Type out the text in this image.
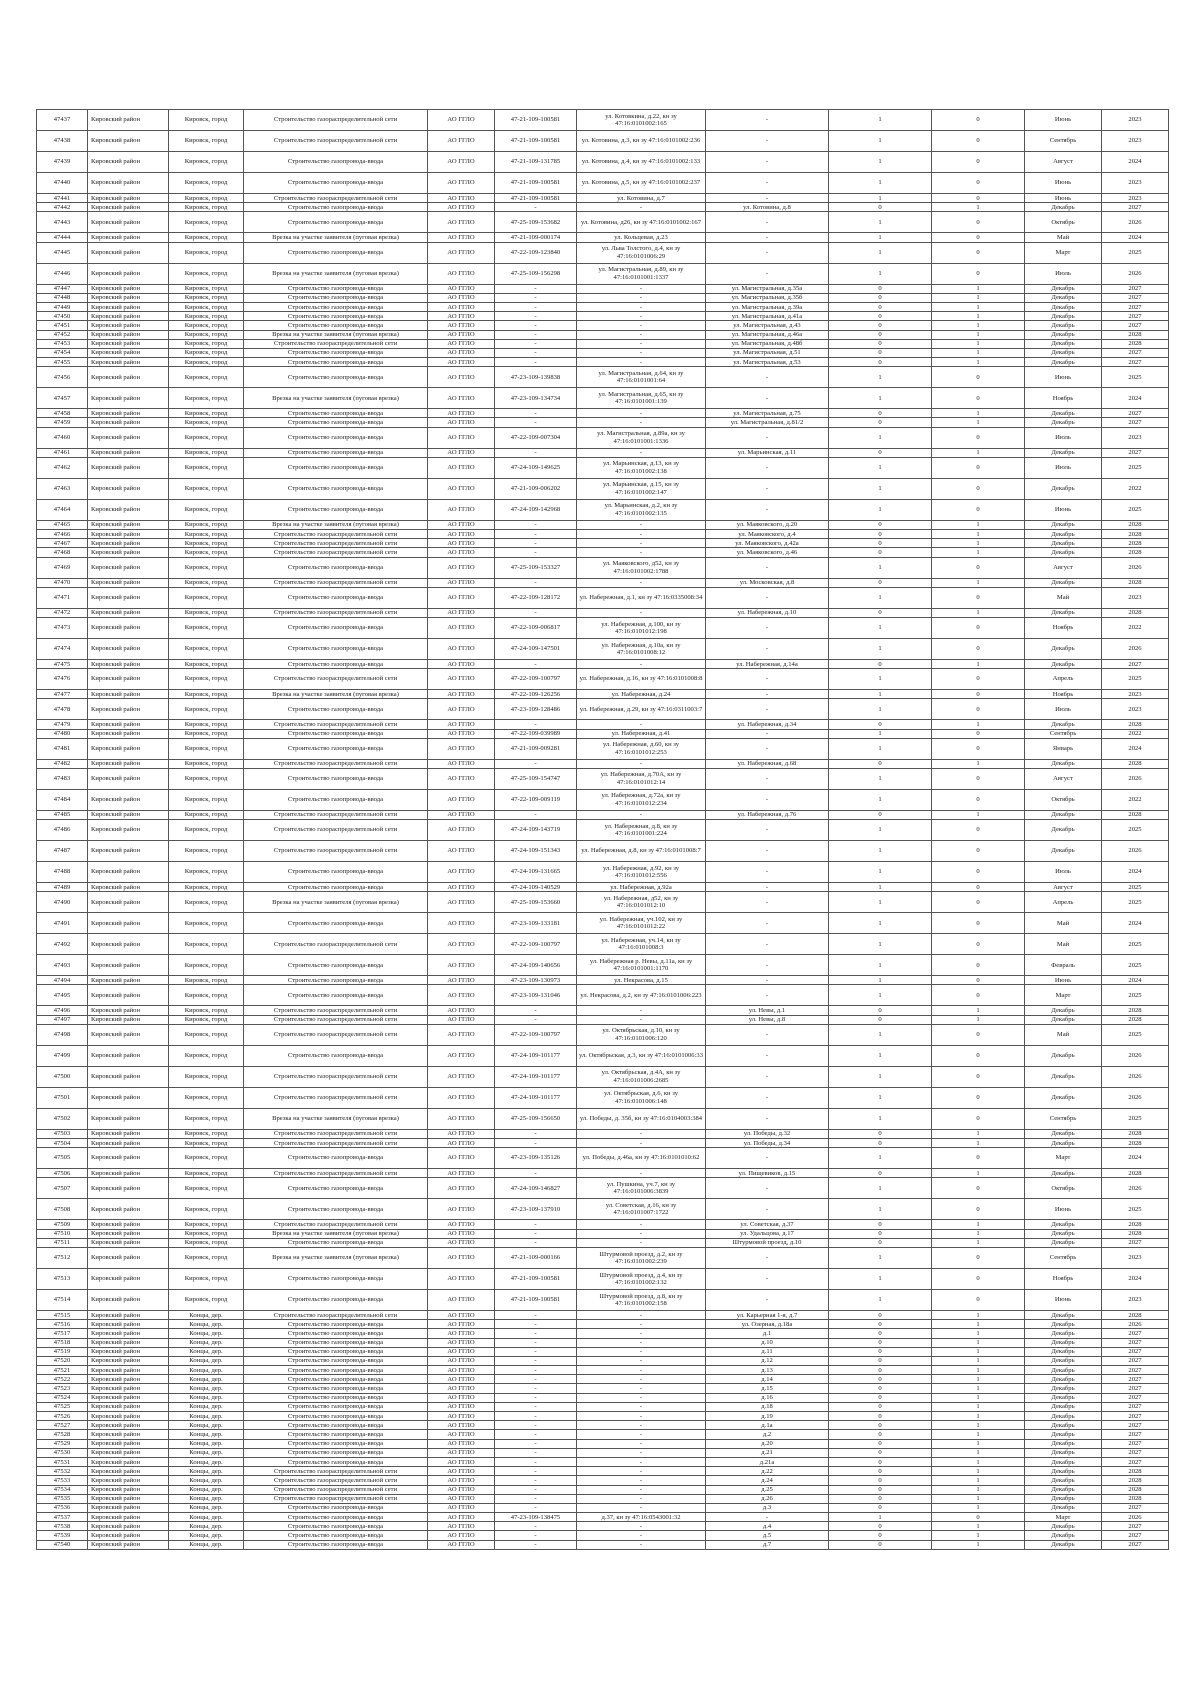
47437	Кировский район	Кировск, город	Строительство газораспределительной сети	АО ГГЛО	47-21-109-100581	ул. Котовкина, д.22, кн зу 47:16:0101002:165	-	1	0	Июнь	2023
47438	Кировский район	Кировск, город	Строительство газораспределительной сети	АО ГГЛО	47-21-109-100581	ул. Котовина, д.3, кн зу 47:16:0101002:236	-	1	0	Сентябрь	2023
47439	Кировский район	Кировск, город	Строительство газопровода-ввода	АО ГГЛО	47-21-109-131785	ул. Котовина, д.4, кн зу 47:16:0101002:133	-	1	0	Август	2024
47440	Кировский район	Кировск, город	Строительство газопровода-ввода	АО ГГЛО	47-21-109-100581	ул. Котовина, д.5, кн зу 47:16:0101002:237	-	1	0	Июнь	2023
47441	Кировский район	Кировск, город	Строительство газораспределительной сети	АО ГГЛО	47-21-109-100581	ул. Котовина, д.7	-	1	0	Июнь	2023
47442	Кировский район	Кировск, город	Строительство газопровода-ввода	АО ГГЛО	-	-	ул. Котовина, д.8	0	1	Декабрь	2027
47443	Кировский район	Кировск, город	Строительство газопровода-ввода	АО ГГЛО	47-25-109-153682	ул. Котовина, д26, кн зу 47:16:0101002:167	-	1	0	Октябрь	2026
47444	Кировский район	Кировск, город	Врезка на участке заявителя (пуговая врезка)	АО ГГЛО	47-21-109-000174	ул. Кольцевая, д.23	-	1	0	Май	2024
47445	Кировский район	Кировск, город	Строительство газопровода-ввода	АО ГГЛО	47-22-109-123840	ул. Льва Толстого, д.4, кн зу 47:16:0101006:29	-	1	0	Март	2025
47446	Кировский район	Кировск, город	Врезка на участке заявителя (пуговая врезка)	АО ГГЛО	47-25-109-156298	ул. Магистральная, д.89, кн зу 47:16:0101001:1337	-	1	0	Июль	2026
47447	Кировский район	Кировск, город	Строительство газопровода-ввода	АО ГГЛО	-	-	ул. Магистральная, д.35а	0	1	Декабрь	2027
47448	Кировский район	Кировск, город	Строительство газопровода-ввода	АО ГГЛО	-	-	ул. Магистральная, д.35б	0	1	Декабрь	2027
47449	Кировский район	Кировск, город	Строительство газопровода-ввода	АО ГГЛО	-	-	ул. Магистральная, д.39а	0	1	Декабрь	2027
47450	Кировский район	Кировск, город	Строительство газопровода-ввода	АО ГГЛО	-	-	ул. Магистральная, д.41а	0	1	Декабрь	2027
47451	Кировский район	Кировск, город	Строительство газопровода-ввода	АО ГГЛО	-	-	ул. Магистральная, д.43	0	1	Декабрь	2027
47452	Кировский район	Кировск, город	Врезка на участке заявителя (пуговая врезка)	АО ГГЛО	-	-	ул. Магистральная, д.46а	0	1	Декабрь	2028
47453	Кировский район	Кировск, город	Строительство газораспределительной сети	АО ГГЛО	-	-	ул. Магистральная, д.48б	0	1	Декабрь	2028
47454	Кировский район	Кировск, город	Строительство газопровода-ввода	АО ГГЛО	-	-	ул. Магистральная, д.51	0	1	Декабрь	2027
47455	Кировский район	Кировск, город	Строительство газопровода-ввода	АО ГГЛО	-	-	ул. Магистральная, д.53	0	1	Декабрь	2027
47456	Кировский район	Кировск, город	Строительство газопровода-ввода	АО ГГЛО	47-23-109-139838	ул. Магистральная, д.64, кн зу 47:16:0101001:64	-	1	0	Июнь	2025
47457	Кировский район	Кировск, город	Врезка на участке заявителя (пуговая врезка)	АО ГГЛО	47-23-109-134734	ул. Магистральная, д.65, кн зу 47:16:0101001:139	-	1	0	Ноябрь	2024
47458	Кировский район	Кировск, город	Строительство газопровода-ввода	АО ГГЛО	-	-	ул. Магистральная, д.75	0	1	Декабрь	2027
47459	Кировский район	Кировск, город	Строительство газопровода-ввода	АО ГГЛО	-	-	ул. Магистральная, д.81/2	0	1	Декабрь	2027
47460	Кировский район	Кировск, город	Строительство газопровода-ввода	АО ГГЛО	47-22-109-007304	ул. Магистральная, д.89а, кн зу 47:16:0101001:1336	-	1	0	Июль	2023
47461	Кировский район	Кировск, город	Строительство газопровода-ввода	АО ГГЛО	-	-	ул. Марьинская, д.11	0	1	Декабрь	2027
47462	Кировский район	Кировск, город	Строительство газопровода-ввода	АО ГГЛО	47-24-109-149625	ул. Марьинская, д.13, кн зу 47:16:0101002:138	-	1	0	Июль	2025
47463	Кировский район	Кировск, город	Строительство газопровода-ввода	АО ГГЛО	47-21-109-006202	ул. Марьинская, д.15, кн зу 47:16:0101002:147	-	1	0	Декабрь	2022
47464	Кировский район	Кировск, город	Строительство газопровода-ввода	АО ГГЛО	47-24-109-142968	ул. Марьинская, д.2, кн зу 47:16:0101002:135	-	1	0	Июнь	2025
47465	Кировский район	Кировск, город	Врезка на участке заявителя (пуговая врезка)	АО ГГЛО	-	-	ул. Маяковского, д.20	0	1	Декабрь	2028
47466	Кировский район	Кировск, город	Строительство газораспределительной сети	АО ГГЛО	-	-	ул. Маяковского, д.4	0	1	Декабрь	2028
47467	Кировский район	Кировск, город	Строительство газораспределительной сети	АО ГГЛО	-	-	ул. Маяковского, д.42а	0	1	Декабрь	2028
47468	Кировский район	Кировск, город	Строительство газораспределительной сети	АО ГГЛО	-	-	ул. Маяковского, д.46	0	1	Декабрь	2028
47469	Кировский район	Кировск, город	Строительство газопровода-ввода	АО ГГЛО	47-25-109-153327	ул. Маяковского, д52, кн зу 47:16:0101002:1788	-	1	0	Август	2026
47470	Кировский район	Кировск, город	Строительство газораспределительной сети	АО ГГЛО	-	-	ул. Московская, д.8	0	1	Декабрь	2028
47471	Кировский район	Кировск, город	Строительство газопровода-ввода	АО ГГЛО	47-22-109-128172	ул. Набережная, д.1, кн зу 47:16:0335008:34	-	1	0	Май	2023
47472	Кировский район	Кировск, город	Строительство газораспределительной сети	АО ГГЛО	-	-	ул. Набережная, д.10	0	1	Декабрь	2028
47473	Кировский район	Кировск, город	Строительство газопровода-ввода	АО ГГЛО	47-22-109-006817	ул. Набережная, д.100, кн зу 47:16:0101012:198	-	1	0	Ноябрь	2022
47474	Кировский район	Кировск, город	Строительство газопровода-ввода	АО ГГЛО	47-24-109-147501	ул. Набережная, д.10а, кн зу 47:16:0101008:12	-	1	0	Декабрь	2026
47475	Кировский район	Кировск, город	Строительство газопровода-ввода	АО ГГЛО	-	-	ул. Набережная, д.14а	0	1	Декабрь	2027
47476	Кировский район	Кировск, город	Строительство газораспределительной сети	АО ГГЛО	47-22-109-100797	ул. Набережная, д.16, кн зу 47:16:0101008:8	-	1	0	Апрель	2025
47477	Кировский район	Кировск, город	Врезка на участке заявителя (пуговая врезка)	АО ГГЛО	47-22-109-126256	ул. Набережная, д.24	-	1	0	Ноябрь	2023
47478	Кировский район	Кировск, город	Строительство газопровода-ввода	АО ГГЛО	47-23-109-128486	ул. Набережная, д.29, кн зу 47:16:0311003:7	-	1	0	Июль	2023
47479	Кировский район	Кировск, город	Строительство газораспределительной сети	АО ГГЛО	-	-	ул. Набережная, д.34	0	1	Декабрь	2028
47480	Кировский район	Кировск, город	Строительство газопровода-ввода	АО ГГЛО	47-22-109-039989	ул. Набережная, д.41	-	1	0	Сентябрь	2022
47481	Кировский район	Кировск, город	Строительство газопровода-ввода	АО ГГЛО	47-21-109-009281	ул. Набережная, д.60, кн зу 47:16:0101012:253	-	1	0	Январь	2024
47482	Кировский район	Кировск, город	Строительство газораспределительной сети	АО ГГЛО	-	-	ул. Набережная, д.68	0	1	Декабрь	2028
47483	Кировский район	Кировск, город	Строительство газопровода-ввода	АО ГГЛО	47-25-109-154747	ул. Набережная, д.70А, кн зу 47:16:0101012:14	-	1	0	Август	2026
47484	Кировский район	Кировск, город	Строительство газопровода-ввода	АО ГГЛО	47-22-109-009119	ул. Набережная, д.72а, кн зу 47:16:0101012:234	-	1	0	Октябрь	2022
47485	Кировский район	Кировск, город	Строительство газораспределительной сети	АО ГГЛО	-	-	ул. Набережная, д.76	0	1	Декабрь	2028
47486	Кировский район	Кировск, город	Строительство газораспределительной сети	АО ГГЛО	47-24-109-143719	ул. Набережная, д.8, кн зу 47:16:0101001:224	-	1	0	Декабрь	2025
47487	Кировский район	Кировск, город	Строительство газораспределительной сети	АО ГГЛО	47-24-109-151343	ул. Набережная, д.8, кн зу 47:16:0101008:7	-	1	0	Декабрь	2026
47488	Кировский район	Кировск, город	Строительство газопровода-ввода	АО ГГЛО	47-24-109-131665	ул. Набережная, д.92, кн зу 47:16:0101012:556	-	1	0	Июль	2024
47489	Кировский район	Кировск, город	Строительство газопровода-ввода	АО ГГЛО	47-24-109-140529	ул. Набережная, д.92а	-	1	0	Август	2025
47490	Кировский район	Кировск, город	Врезка на участке заявителя (пуговая врезка)	АО ГГЛО	47-25-109-153660	ул. Набережная, д52, кн зу 47:16:0101012:10	-	1	0	Апрель	2025
47491	Кировский район	Кировск, город	Строительство газопровода-ввода	АО ГГЛО	47-23-109-133181	ул. Набережная, уч.102, кн зу 47:16:0101012:22	-	1	0	Май	2024
47492	Кировский район	Кировск, город	Строительство газораспределительной сети	АО ГГЛО	47-22-109-100797	ул. Набережная, уч.14, кн зу 47:16:0101008:3	-	1	0	Май	2025
47493	Кировский район	Кировск, город	Строительство газопровода-ввода	АО ГГЛО	47-24-109-140656	ул. Набережная р. Невы, д.11а, кн зу 47:16:0101001:1170	-	1	0	Февраль	2025
47494	Кировский район	Кировск, город	Строительство газопровода-ввода	АО ГГЛО	47-23-109-130973	ул. Некрасова, д.15	-	1	0	Июнь	2024
47495	Кировский район	Кировск, город	Строительство газопровода-ввода	АО ГГЛО	47-23-109-131046	ул. Некрасова, д.2, кн зу 47:16:0101006:223	-	1	0	Март	2025
47496	Кировский район	Кировск, город	Строительство газораспределительной сети	АО ГГЛО	-	-	ул. Невы, д.1	0	1	Декабрь	2028
47497	Кировский район	Кировск, город	Строительство газораспределительной сети	АО ГГЛО	-	-	ул. Невы, д.8	0	1	Декабрь	2028
47498	Кировский район	Кировск, город	Строительство газораспределительной сети	АО ГГЛО	47-22-109-100797	ул. Октябрьская, д.10, кн зу 47:16:0101006:120	-	1	0	Май	2025
47499	Кировский район	Кировск, город	Строительство газопровода-ввода	АО ГГЛО	47-24-109-101177	ул. Октябрьская, д.3, кн зу 47:16:0101006:33	-	1	0	Декабрь	2026
47500	Кировский район	Кировск, город	Строительство газораспределительной сети	АО ГГЛО	47-24-109-101177	ул. Октябрьская, д.4А, кн зу 47:16:0101006:2685	-	1	0	Декабрь	2026
47501	Кировский район	Кировск, город	Строительство газораспределительной сети	АО ГГЛО	47-24-109-101177	ул. Октябрьская, д.6, кн зу 47:16:0101006:148	-	1	0	Декабрь	2026
47502	Кировский район	Кировск, город	Врезка на участке заявителя (пуговая врезка)	АО ГГЛО	47-25-109-156650	ул. Победы, д. 35б, кн зу 47:16:0104003:384	-	1	0	Сентябрь	2025
47503	Кировский район	Кировск, город	Строительство газораспределительной сети	АО ГГЛО	-	-	ул. Победы, д.32	0	1	Декабрь	2028
47504	Кировский район	Кировск, город	Строительство газораспределительной сети	АО ГГЛО	-	-	ул. Победы, д.34	0	1	Декабрь	2028
47505	Кировский район	Кировск, город	Строительство газопровода-ввода	АО ГГЛО	47-23-109-135126	ул. Победы, д.46а, кн зу 47:16:0101010:62	-	1	0	Март	2024
47506	Кировский район	Кировск, город	Строительство газораспределительной сети	АО ГГЛО	-	-	ул. Пищевиков, д.15	0	1	Декабрь	2028
47507	Кировский район	Кировск, город	Строительство газопровода-ввода	АО ГГЛО	47-24-109-146827	ул. Пушкина, уч.7, кн зу 47:16:0101006:3839	-	1	0	Октябрь	2026
47508	Кировский район	Кировск, город	Строительство газопровода-ввода	АО ГГЛО	47-23-109-137910	ул. Советская, д.16, кн зу 47:16:0101007:1722	-	1	0	Июнь	2025
47509	Кировский район	Кировск, город	Строительство газораспределительной сети	АО ГГЛО	-	-	ул. Советская, д.37	0	1	Декабрь	2028
47510	Кировский район	Кировск, город	Врезка на участке заявителя (пуговая врезка)	АО ГГЛО	-	-	ул. Удальцова, д.17	0	1	Декабрь	2028
47511	Кировский район	Кировск, город	Строительство газопровода-ввода	АО ГГЛО	-	-	Штурмовой проезд, д.10	0	1	Декабрь	2027
47512	Кировский район	Кировск, город	Врезка на участке заявителя (пуговая врезка)	АО ГГЛО	47-21-109-000166	Штурмовой проезд, д.2, кн зу 47:16:0101002:239	-	1	0	Сентябрь	2023
47513	Кировский район	Кировск, город	Строительство газопровода-ввода	АО ГГЛО	47-21-109-100581	Штурмовой проезд, д.4, кн зу 47:16:0101002:132	-	1	0	Ноябрь	2024
47514	Кировский район	Кировск, город	Строительство газопровода-ввода	АО ГГЛО	47-21-109-100581	Штурмовой проезд, д.8, кн зу 47:16:0101002:158	-	1	0	Июнь	2023
47515	Кировский район	Концы, дер.	Строительство газораспределительной сети	АО ГГЛО	-	-	ул. Карьерная 1-я, д.7	0	1	Декабрь	2028
47516	Кировский район	Концы, дер.	Строительство газопровода-ввода	АО ГГЛО	-	-	ул. Озерная, д.18а	0	1	Декабрь	2026
47517	Кировский район	Концы, дер.	Строительство газопровода-ввода	АО ГГЛО	-	-	д.1	0	1	Декабрь	2027
47518	Кировский район	Концы, дер.	Строительство газопровода-ввода	АО ГГЛО	-	-	д.10	0	1	Декабрь	2027
47519	Кировский район	Концы, дер.	Строительство газопровода-ввода	АО ГГЛО	-	-	д.11	0	1	Декабрь	2027
47520	Кировский район	Концы, дер.	Строительство газопровода-ввода	АО ГГЛО	-	-	д.12	0	1	Декабрь	2027
47521	Кировский район	Концы, дер.	Строительство газопровода-ввода	АО ГГЛО	-	-	д.13	0	1	Декабрь	2027
47522	Кировский район	Концы, дер.	Строительство газопровода-ввода	АО ГГЛО	-	-	д.14	0	1	Декабрь	2027
47523	Кировский район	Концы, дер.	Строительство газопровода-ввода	АО ГГЛО	-	-	д.15	0	1	Декабрь	2027
47524	Кировский район	Концы, дер.	Строительство газопровода-ввода	АО ГГЛО	-	-	д.16	0	1	Декабрь	2027
47525	Кировский район	Концы, дер.	Строительство газопровода-ввода	АО ГГЛО	-	-	д.18	0	1	Декабрь	2027
47526	Кировский район	Концы, дер.	Строительство газопровода-ввода	АО ГГЛО	-	-	д.19	0	1	Декабрь	2027
47527	Кировский район	Концы, дер.	Строительство газопровода-ввода	АО ГГЛО	-	-	д.1а	0	1	Декабрь	2027
47528	Кировский район	Концы, дер.	Строительство газопровода-ввода	АО ГГЛО	-	-	д.2	0	1	Декабрь	2027
47529	Кировский район	Концы, дер.	Строительство газопровода-ввода	АО ГГЛО	-	-	д.20	0	1	Декабрь	2027
47530	Кировский район	Концы, дер.	Строительство газопровода-ввода	АО ГГЛО	-	-	д.21	0	1	Декабрь	2027
47531	Кировский район	Концы, дер.	Строительство газопровода-ввода	АО ГГЛО	-	-	д.21а	0	1	Декабрь	2027
47532	Кировский район	Концы, дер.	Строительство газораспределительной сети	АО ГГЛО	-	-	д.22	0	1	Декабрь	2028
47533	Кировский район	Концы, дер.	Строительство газораспределительной сети	АО ГГЛО	-	-	д.24	0	1	Декабрь	2028
47534	Кировский район	Концы, дер.	Строительство газораспределительной сети	АО ГГЛО	-	-	д.25	0	1	Декабрь	2028
47535	Кировский район	Концы, дер.	Строительство газораспределительной сети	АО ГГЛО	-	-	д.26	0	1	Декабрь	2028
47536	Кировский район	Концы, дер.	Строительство газопровода-ввода	АО ГГЛО	-	-	д.3	0	1	Декабрь	2027
47537	Кировский район	Концы, дер.	Строительство газопровода-ввода	АО ГГЛО	47-23-109-138475	д.37, кн зу 47:16:0543001:32	-	1	0	Март	2026
47538	Кировский район	Концы, дер.	Строительство газопровода-ввода	АО ГГЛО	-	-	д.4	0	1	Декабрь	2027
47539	Кировский район	Концы, дер.	Строительство газопровода-ввода	АО ГГЛО	-	-	д.5	0	1	Декабрь	2027
47540	Кировский район	Концы, дер.	Строительство газопровода-ввода	АО ГГЛО	-	-	д.7	0	1	Декабрь	2027
